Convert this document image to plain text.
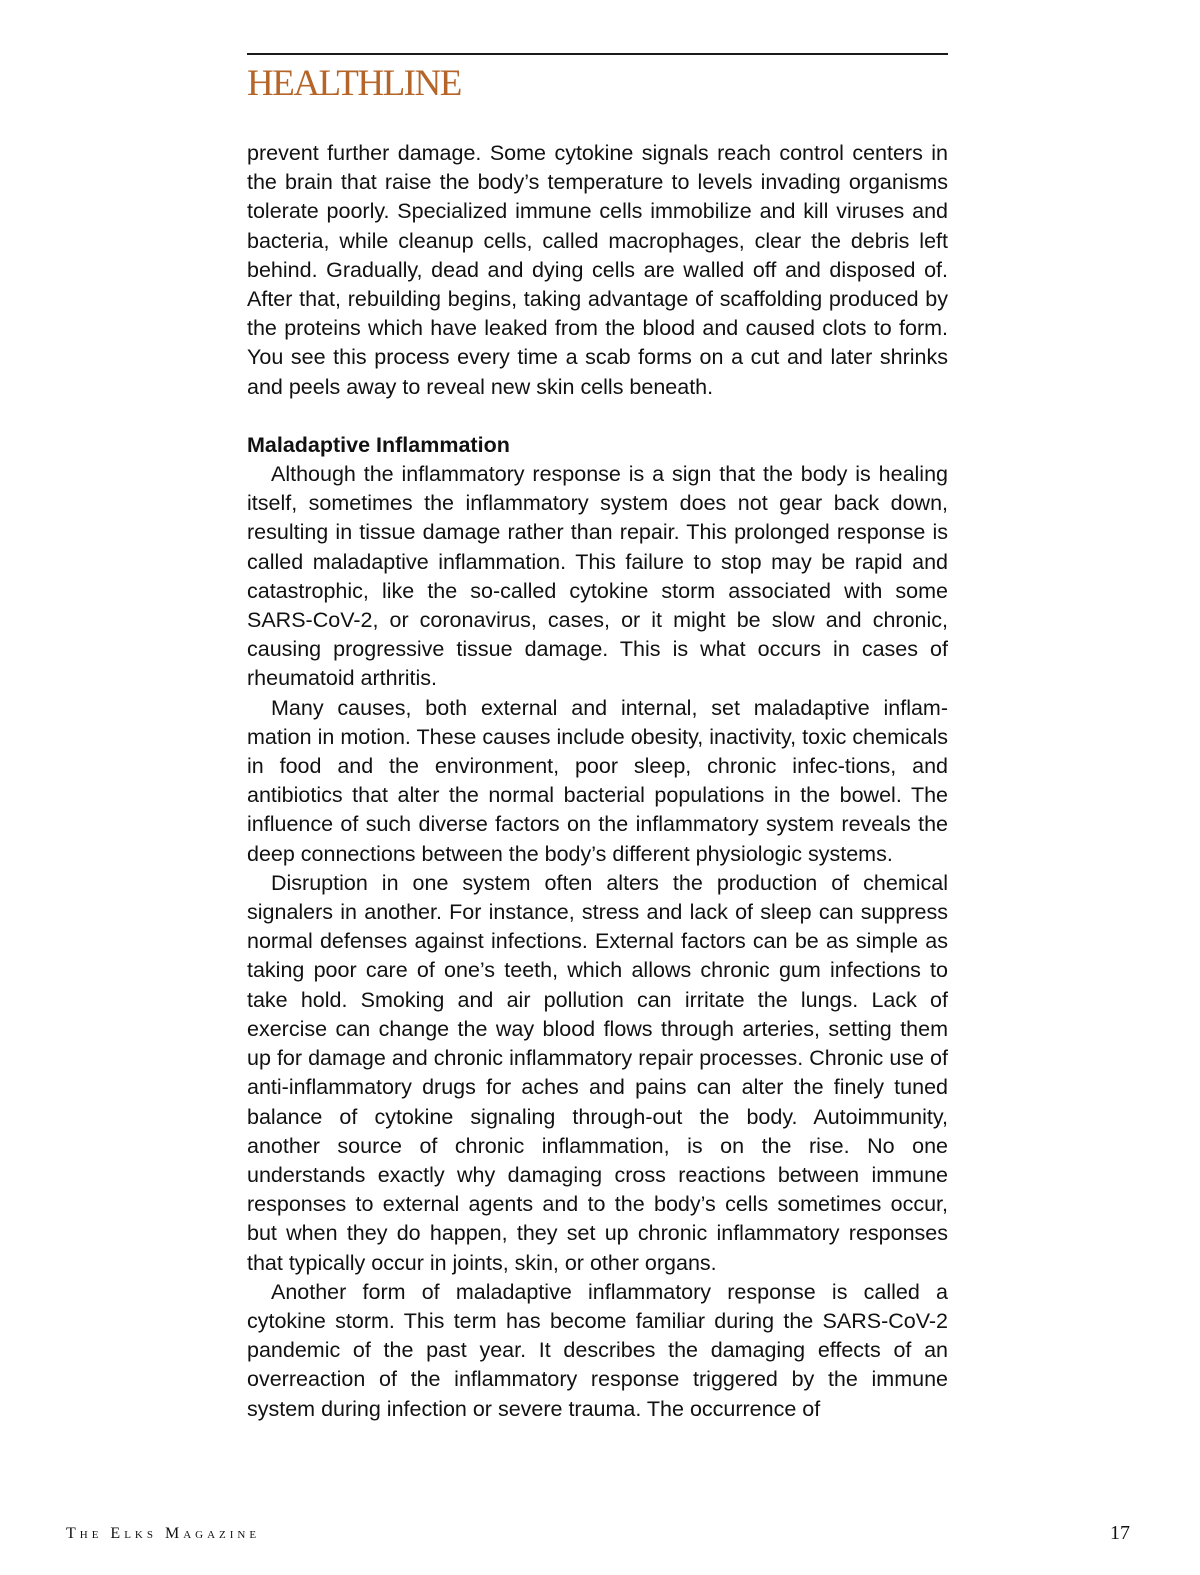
HEALTHLINE

prevent further damage. Some cytokine signals reach control centers in the brain that raise the body’s temperature to levels invading organisms tolerate poorly. Specialized immune cells immobilize and kill viruses and bacteria, while cleanup cells, called macrophages, clear the debris left behind. Gradually, dead and dying cells are walled off and disposed of. After that, rebuilding begins, taking advantage of scaffolding produced by the proteins which have leaked from the blood and caused clots to form. You see this process every time a scab forms on a cut and later shrinks and peels away to reveal new skin cells beneath.

Maladaptive Inflammation

Although the inflammatory response is a sign that the body is healing itself, sometimes the inflammatory system does not gear back down, resulting in tissue damage rather than repair. This prolonged response is called maladaptive inflammation. This failure to stop may be rapid and catastrophic, like the so-called cytokine storm associated with some SARS-CoV-2, or coronavirus, cases, or it might be slow and chronic, causing progressive tissue damage. This is what occurs in cases of rheumatoid arthritis.

Many causes, both external and internal, set maladaptive inflam-mation in motion. These causes include obesity, inactivity, toxic chemicals in food and the environment, poor sleep, chronic infec-tions, and antibiotics that alter the normal bacterial populations in the bowel. The influence of such diverse factors on the inflammatory system reveals the deep connections between the body’s different physiologic systems.

Disruption in one system often alters the production of chemical signalers in another. For instance, stress and lack of sleep can suppress normal defenses against infections. External factors can be as simple as taking poor care of one’s teeth, which allows chronic gum infections to take hold. Smoking and air pollution can irritate the lungs. Lack of exercise can change the way blood flows through arteries, setting them up for damage and chronic inflammatory repair processes. Chronic use of anti-inflammatory drugs for aches and pains can alter the finely tuned balance of cytokine signaling through-out the body. Autoimmunity, another source of chronic inflammation, is on the rise. No one understands exactly why damaging cross reactions between immune responses to external agents and to the body’s cells sometimes occur, but when they do happen, they set up chronic inflammatory responses that typically occur in joints, skin, or other organs.

Another form of maladaptive inflammatory response is called a cytokine storm. This term has become familiar during the SARS-CoV-2 pandemic of the past year. It describes the damaging effects of an overreaction of the inflammatory response triggered by the immune system during infection or severe trauma. The occurrence of

The Elks Magazine	17
